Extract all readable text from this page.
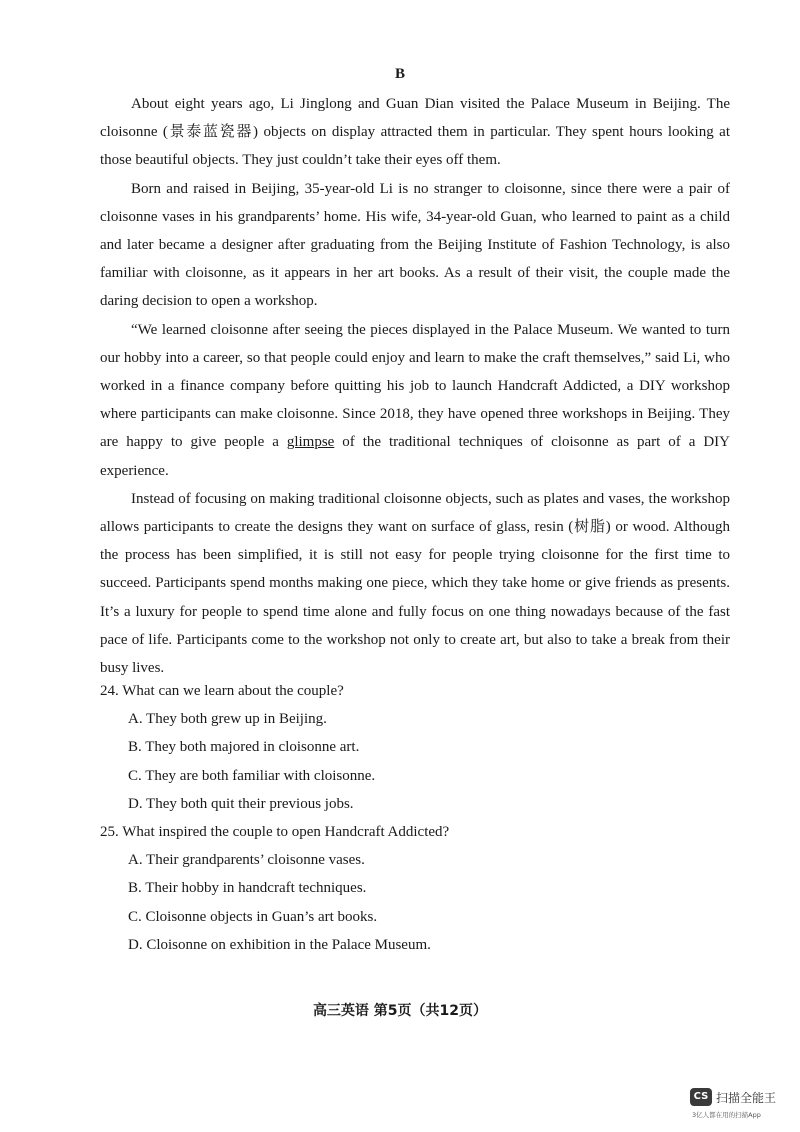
B

About eight years ago, Li Jinglong and Guan Dian visited the Palace Museum in Beijing. The cloisonne (景泰蓝瓷器) objects on display attracted them in particular. They spent hours looking at those beautiful objects. They just couldn’t take their eyes off them.

Born and raised in Beijing, 35-year-old Li is no stranger to cloisonne, since there were a pair of cloisonne vases in his grandparents’ home. His wife, 34-year-old Guan, who learned to paint as a child and later became a designer after graduating from the Beijing Institute of Fashion Technology, is also familiar with cloisonne, as it appears in her art books. As a result of their visit, the couple made the daring decision to open a workshop.

“We learned cloisonne after seeing the pieces displayed in the Palace Museum. We wanted to turn our hobby into a career, so that people could enjoy and learn to make the craft themselves,” said Li, who worked in a finance company before quitting his job to launch Handcraft Addicted, a DIY workshop where participants can make cloisonne. Since 2018, they have opened three workshops in Beijing. They are happy to give people a glimpse of the traditional techniques of cloisonne as part of a DIY experience.

Instead of focusing on making traditional cloisonne objects, such as plates and vases, the workshop allows participants to create the designs they want on surface of glass, resin (树脂) or wood. Although the process has been simplified, it is still not easy for people trying cloisonne for the first time to succeed. Participants spend months making one piece, which they take home or give friends as presents. It’s a luxury for people to spend time alone and fully focus on one thing nowadays because of the fast pace of life. Participants come to the workshop not only to create art, but also to take a break from their busy lives.

24. What can we learn about the couple?

A. They both grew up in Beijing.

B. They both majored in cloisonne art.

C. They are both familiar with cloisonne.

D. They both quit their previous jobs.

25. What inspired the couple to open Handcraft Addicted?

A. Their grandparents’ cloisonne vases.

B. Their hobby in handcraft techniques.

C. Cloisonne objects in Guan’s art books.

D. Cloisonne on exhibition in the Palace Museum.

高三英语 第5页（共12页）
CS 扫描全能王
3亿人都在用的扫描App
